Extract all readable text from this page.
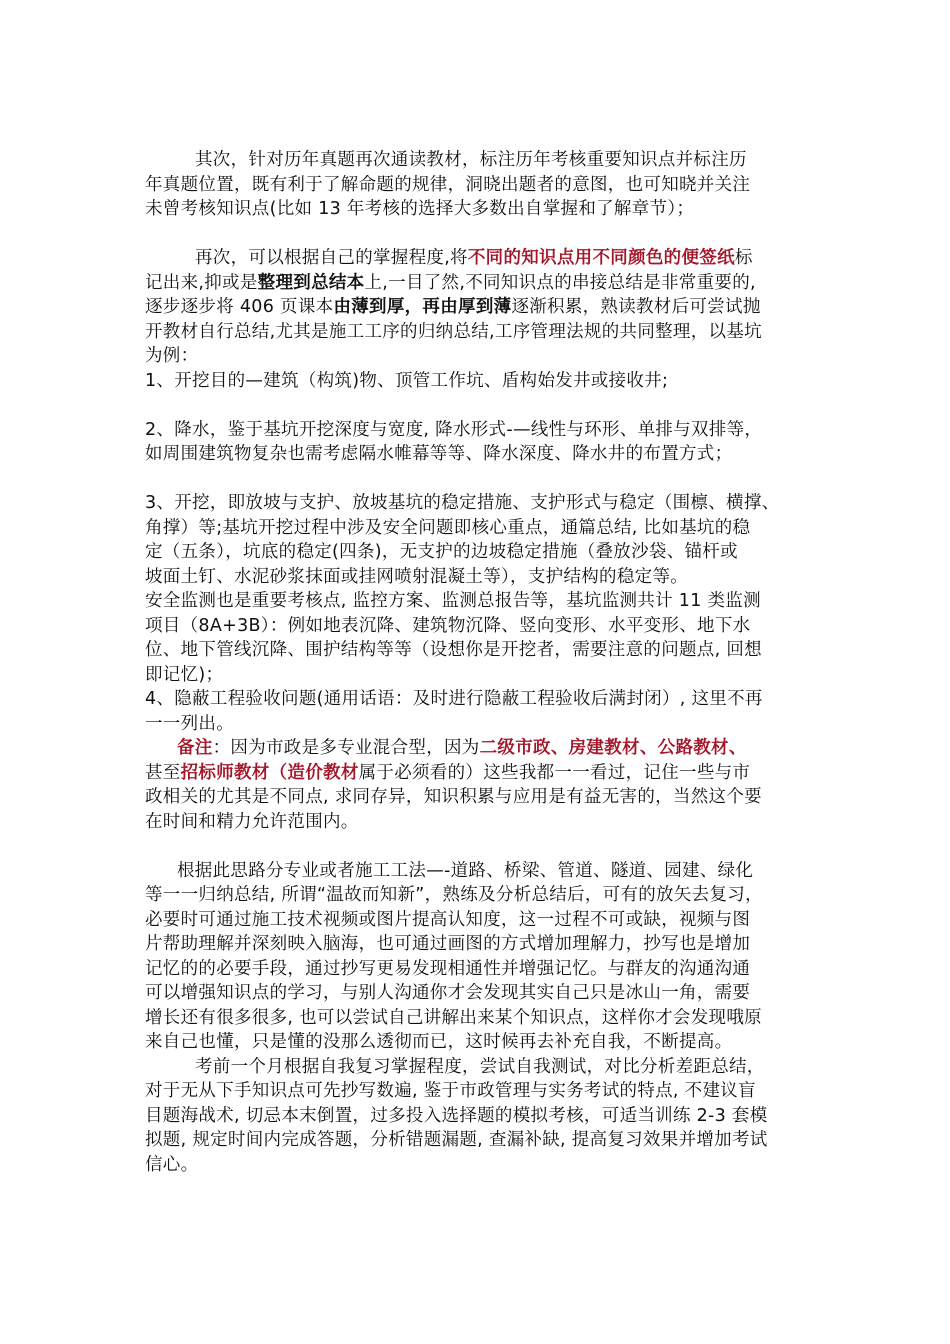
其次，针对历年真题再次通读教材，标注历年考核重要知识点并标注历
年真题位置，既有利于了解命题的规律，洞晓出题者的意图，也可知晓并关注
未曾考核知识点(比如 13 年考核的选择大多数出自掌握和了解章节）；
再次，可以根据自己的掌握程度,将不同的知识点用不同颜色的便签纸标
记出来,抑或是整理到总结本上,一目了然,不同知识点的串接总结是非常重要的,
逐步逐步将 406 页课本由薄到厚，再由厚到薄逐渐积累，熟读教材后可尝试抛
开教材自行总结,尤其是施工工序的归纳总结,工序管理法规的共同整理，以基坑
为例：
1、开挖目的—建筑（构筑)物、顶管工作坑、盾构始发井或接收井;
2、降水，鉴于基坑开挖深度与宽度, 降水形式-—线性与环形、单排与双排等，
如周围建筑物复杂也需考虑隔水帷幕等等、降水深度、降水井的布置方式；
3、开挖，即放坡与支护、放坡基坑的稳定措施、支护形式与稳定（围檩、横撑、
角撑）等;基坑开挖过程中涉及安全问题即核心重点，通篇总结, 比如基坑的稳
定（五条），坑底的稳定(四条)，无支护的边坡稳定措施（叠放沙袋、锚杆或
坡面土钉、水泥砂浆抹面或挂网喷射混凝土等），支护结构的稳定等。
安全监测也是重要考核点, 监控方案、监测总报告等，基坑监测共计 11 类监测
项目（8A+3B）：例如地表沉降、建筑物沉降、竖向变形、水平变形、地下水
位、地下管线沉降、围护结构等等（设想你是开挖者，需要注意的问题点, 回想
即记忆)；
4、隐蔽工程验收问题(通用话语：及时进行隐蔽工程验收后满封闭）, 这里不再
一一列出。
备注：因为市政是多专业混合型，因为二级市政、房建教材、公路教材、
甚至招标师教材（造价教材属于必须看的）这些我都一一看过，记住一些与市
政相关的尤其是不同点, 求同存异，知识积累与应用是有益无害的，当然这个要
在时间和精力允许范围内。
根据此思路分专业或者施工工法—-道路、桥梁、管道、隧道、园建、绿化
等一一归纳总结, 所谓“温故而知新”，熟练及分析总结后，可有的放矢去复习，
必要时可通过施工技术视频或图片提高认知度，这一过程不可或缺，视频与图
片帮助理解并深刻映入脑海，也可通过画图的方式增加理解力，抄写也是增加
记忆的的必要手段，通过抄写更易发现相通性并增强记忆。与群友的沟通沟通
可以增强知识点的学习，与别人沟通你才会发现其实自己只是冰山一角，需要
增长还有很多很多, 也可以尝试自己讲解出来某个知识点，这样你才会发现哦原
来自己也懂，只是懂的没那么透彻而已，这时候再去补充自我，不断提高。
考前一个月根据自我复习掌握程度，尝试自我测试，对比分析差距总结，
对于无从下手知识点可先抄写数遍, 鉴于市政管理与实务考试的特点, 不建议盲
目题海战术, 切忌本末倒置，过多投入选择题的模拟考核，可适当训练 2-3 套模
拟题, 规定时间内完成答题，分析错题漏题, 查漏补缺, 提高复习效果并增加考试
信心。
